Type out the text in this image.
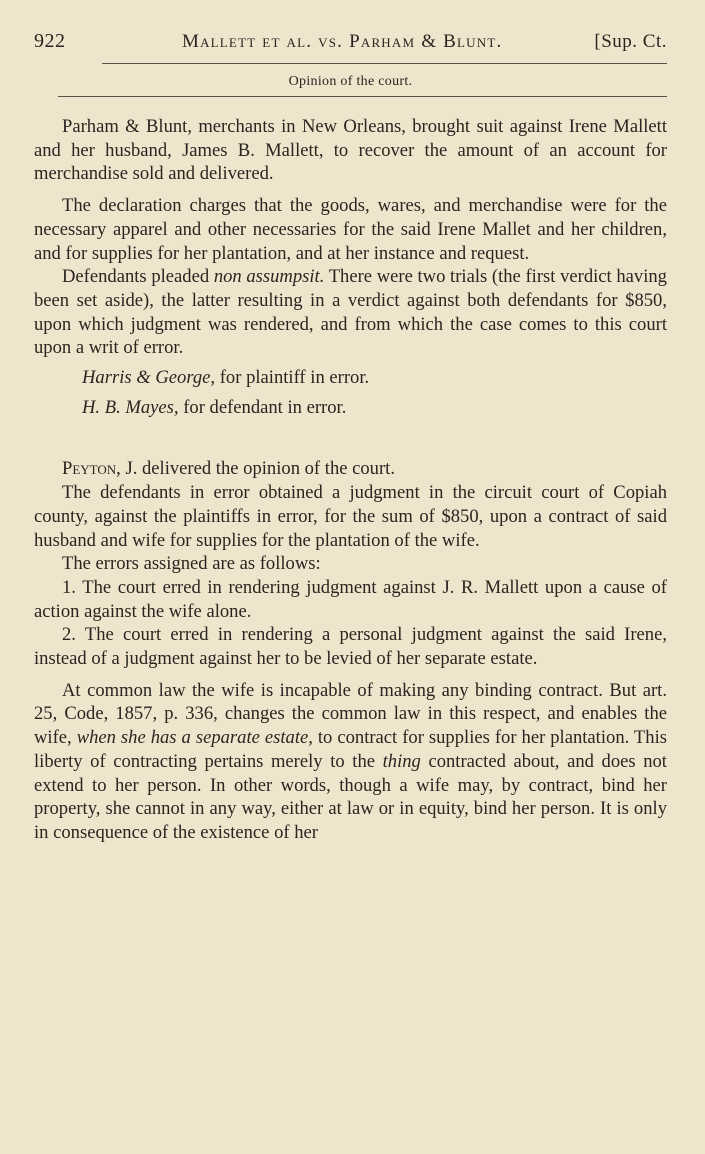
922	Mallett et al. vs. Parham & Blunt.	[Sup. Ct.
Opinion of the court.

Parham & Blunt, merchants in New Orleans, brought suit against Irene Mallett and her husband, James B. Mallett, to recover the amount of an account for merchandise sold and delivered.

The declaration charges that the goods, wares, and merchandise were for the necessary apparel and other necessaries for the said Irene Mallet and her children, and for supplies for her plantation, and at her instance and request.

Defendants pleaded non assumpsit. There were two trials (the first verdict having been set aside), the latter resulting in a verdict against both defendants for $850, upon which judgment was rendered, and from which the case comes to this court upon a writ of error.

Harris & George, for plaintiff in error.

H. B. Mayes, for defendant in error.

Peyton, J. delivered the opinion of the court.

The defendants in error obtained a judgment in the circuit court of Copiah county, against the plaintiffs in error, for the sum of $850, upon a contract of said husband and wife for supplies for the plantation of the wife.

The errors assigned are as follows:

1. The court erred in rendering judgment against J. R. Mallett upon a cause of action against the wife alone.

2. The court erred in rendering a personal judgment against the said Irene, instead of a judgment against her to be levied of her separate estate.

At common law the wife is incapable of making any binding contract. But art. 25, Code, 1857, p. 336, changes the common law in this respect, and enables the wife, when she has a separate estate, to contract for supplies for her plantation. This liberty of contracting pertains merely to the thing contracted about, and does not extend to her person. In other words, though a wife may, by contract, bind her property, she cannot in any way, either at law or in equity, bind her person. It is only in consequence of the existence of her
